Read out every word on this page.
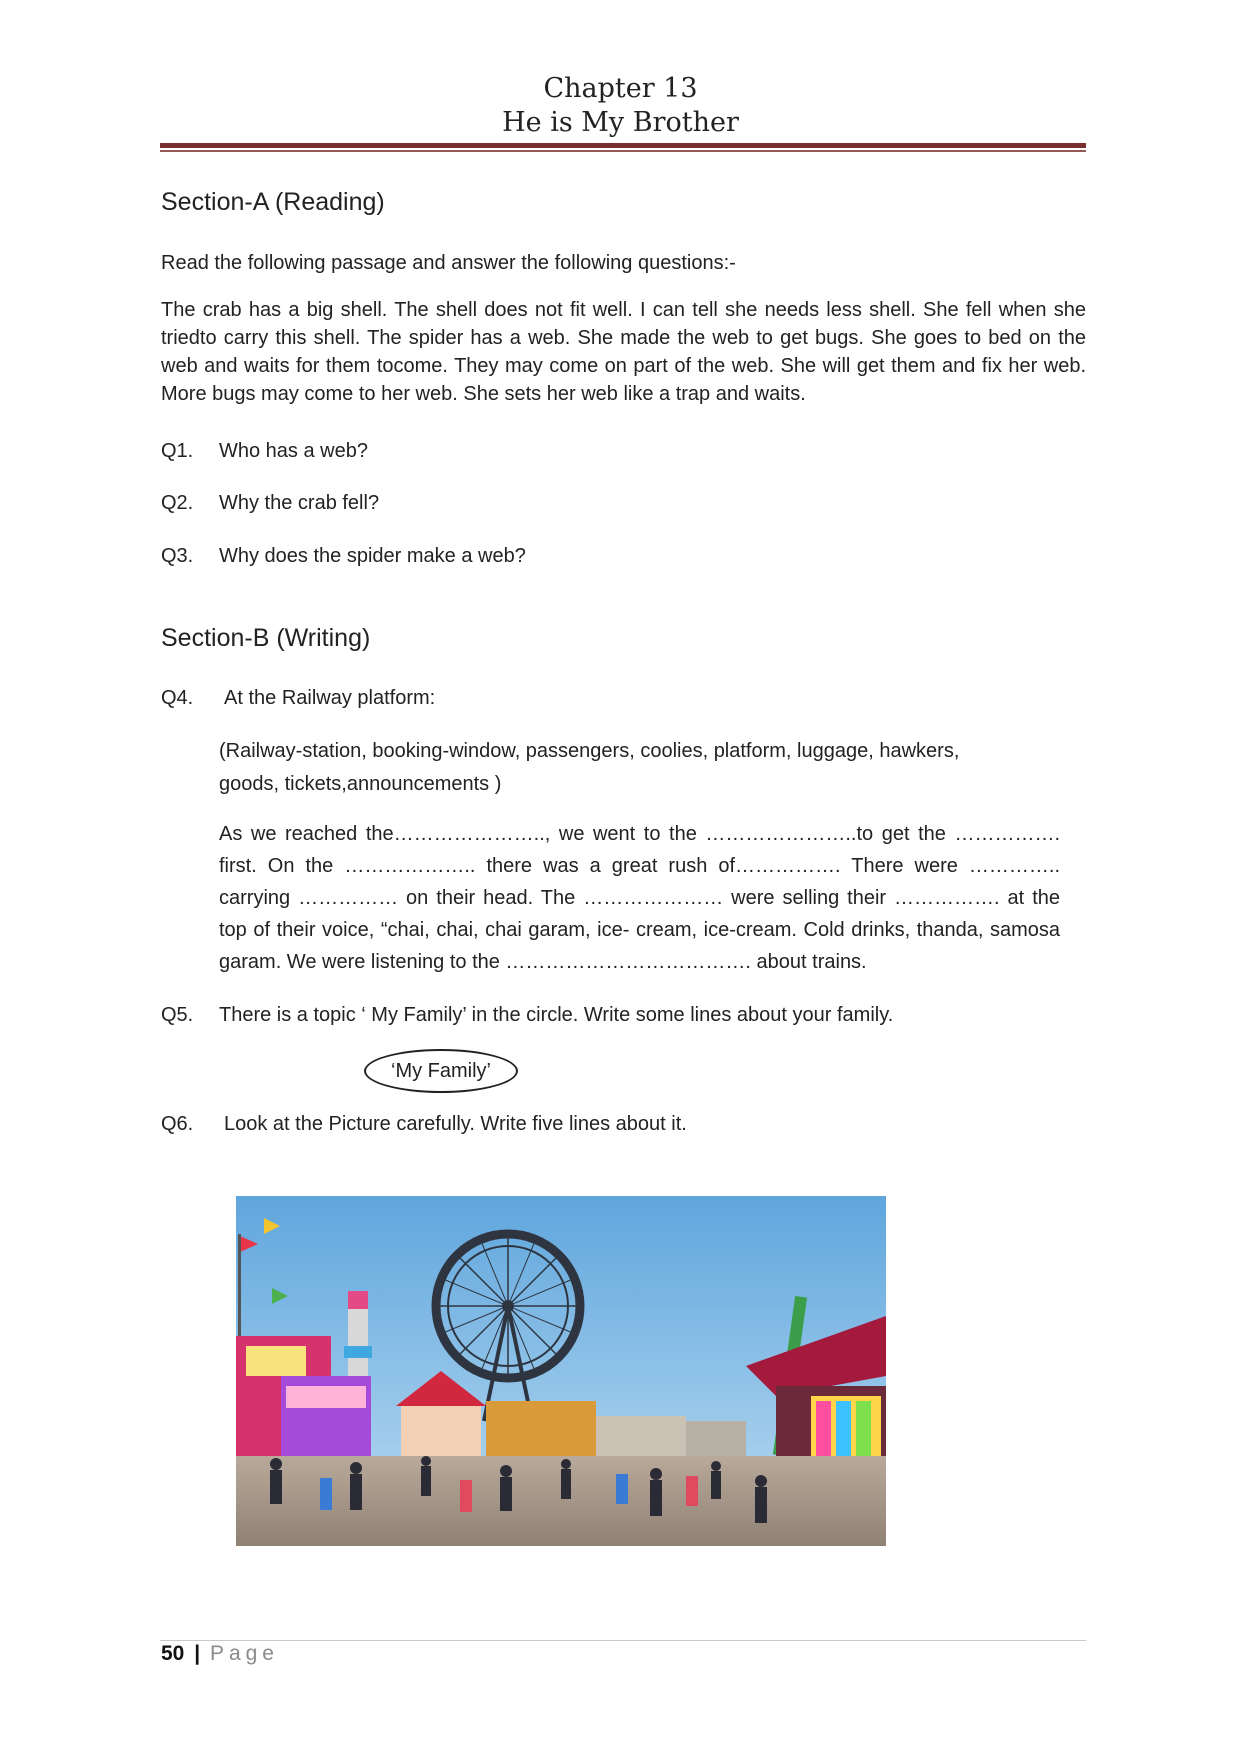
Chapter 13
He is My Brother
Section-A (Reading)
Read the following passage and answer the following questions:-
The crab has a big shell. The shell does not fit well. I can tell she needs less shell. She fell when she triedto carry this shell. The spider has a web. She made the web to get bugs. She goes to bed on the web and waits for them tocome. They may come on part of the web. She will get them and fix her web. More bugs may come to her web. She sets her web like a trap and waits.
Q1. Who has a web?
Q2. Why the crab fell?
Q3. Why does the spider make a web?
Section-B (Writing)
Q4. At the Railway platform:
(Railway-station, booking-window, passengers, coolies, platform, luggage, hawkers, goods, tickets,announcements )
As we reached the………………….., we went to the …………………..to get the ……………. first. On the ……………….. there was a great rush of……………. There were ………….. carrying …………… on their head. The ………………… were selling their ……………. at the top of their voice, “chai, chai, chai garam, ice- cream, ice-cream. Cold drinks, thanda, samosa garam. We were listening to the ………………………………. about trains.
Q5. There is a topic ‘ My Family’ in the circle. Write some lines about your family.
‘My Family’
Q6. Look at the Picture carefully. Write five lines about it.
50 | Page
